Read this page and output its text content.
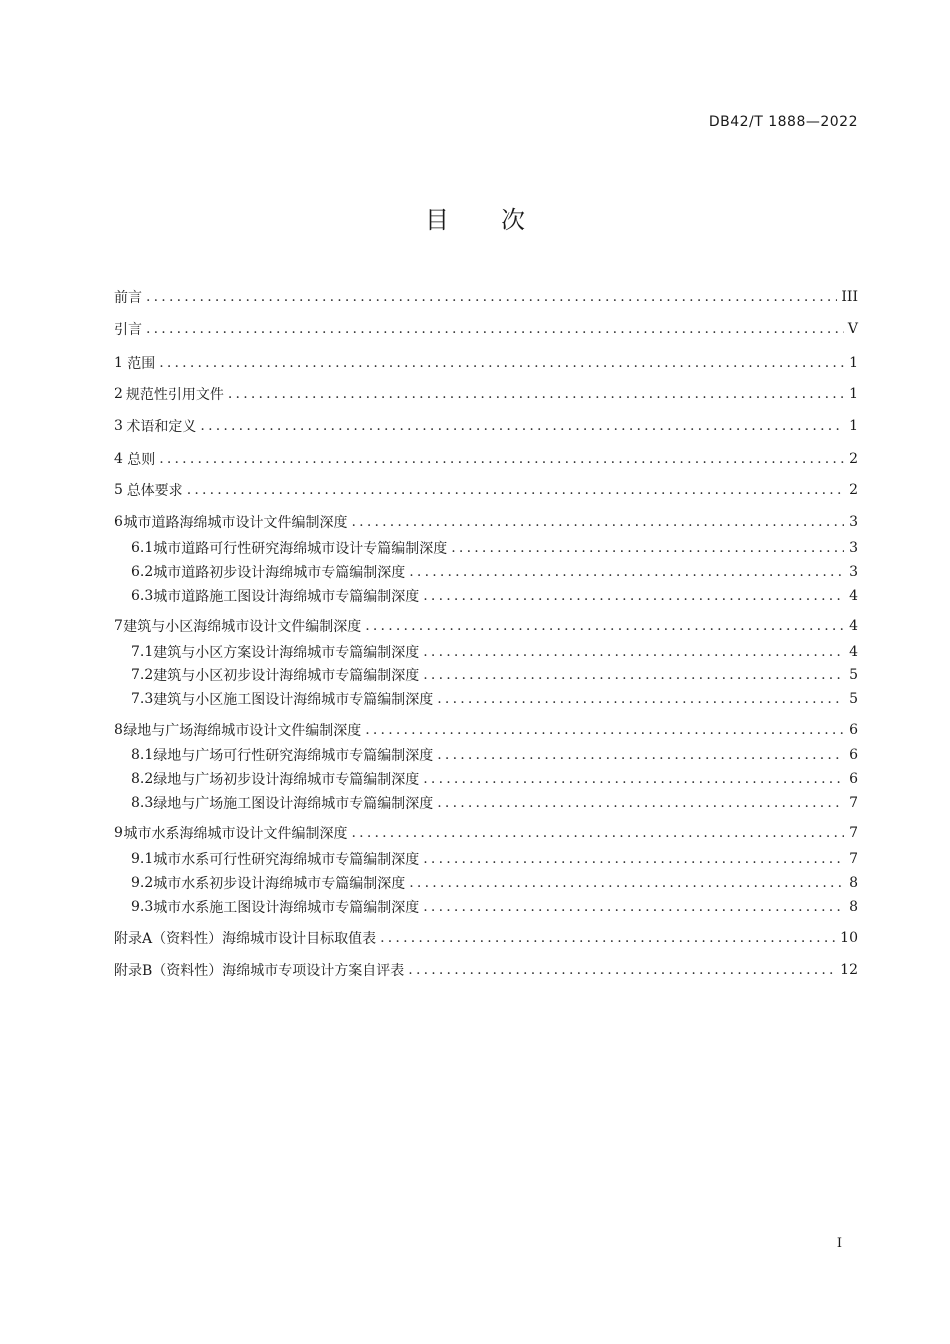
DB42/T 1888—2022
目 次
前言 .....	III
引言 .....	V
1 范围 .....	1
2 规范性引用文件 .....	1
3 术语和定义 .....	1
4 总则 .....	2
5 总体要求 .....	2
6 城市道路海绵城市设计文件编制深度 .....	3
6.1 城市道路可行性研究海绵城市设计专篇编制深度 .....	3
6.2 城市道路初步设计海绵城市专篇编制深度 .....	3
6.3 城市道路施工图设计海绵城市专篇编制深度 .....	4
7 建筑与小区海绵城市设计文件编制深度 .....	4
7.1 建筑与小区方案设计海绵城市专篇编制深度 .....	4
7.2 建筑与小区初步设计海绵城市专篇编制深度 .....	5
7.3 建筑与小区施工图设计海绵城市专篇编制深度 .....	5
8 绿地与广场海绵城市设计文件编制深度 .....	6
8.1 绿地与广场可行性研究海绵城市专篇编制深度 .....	6
8.2 绿地与广场初步设计海绵城市专篇编制深度 .....	6
8.3 绿地与广场施工图设计海绵城市专篇编制深度 .....	7
9 城市水系海绵城市设计文件编制深度 .....	7
9.1 城市水系可行性研究海绵城市专篇编制深度 .....	7
9.2 城市水系初步设计海绵城市专篇编制深度 .....	8
9.3 城市水系施工图设计海绵城市专篇编制深度 .....	8
附录A（资料性） 海绵城市设计目标取值表 .....	10
附录B（资料性） 海绵城市专项设计方案自评表 .....	12
I
